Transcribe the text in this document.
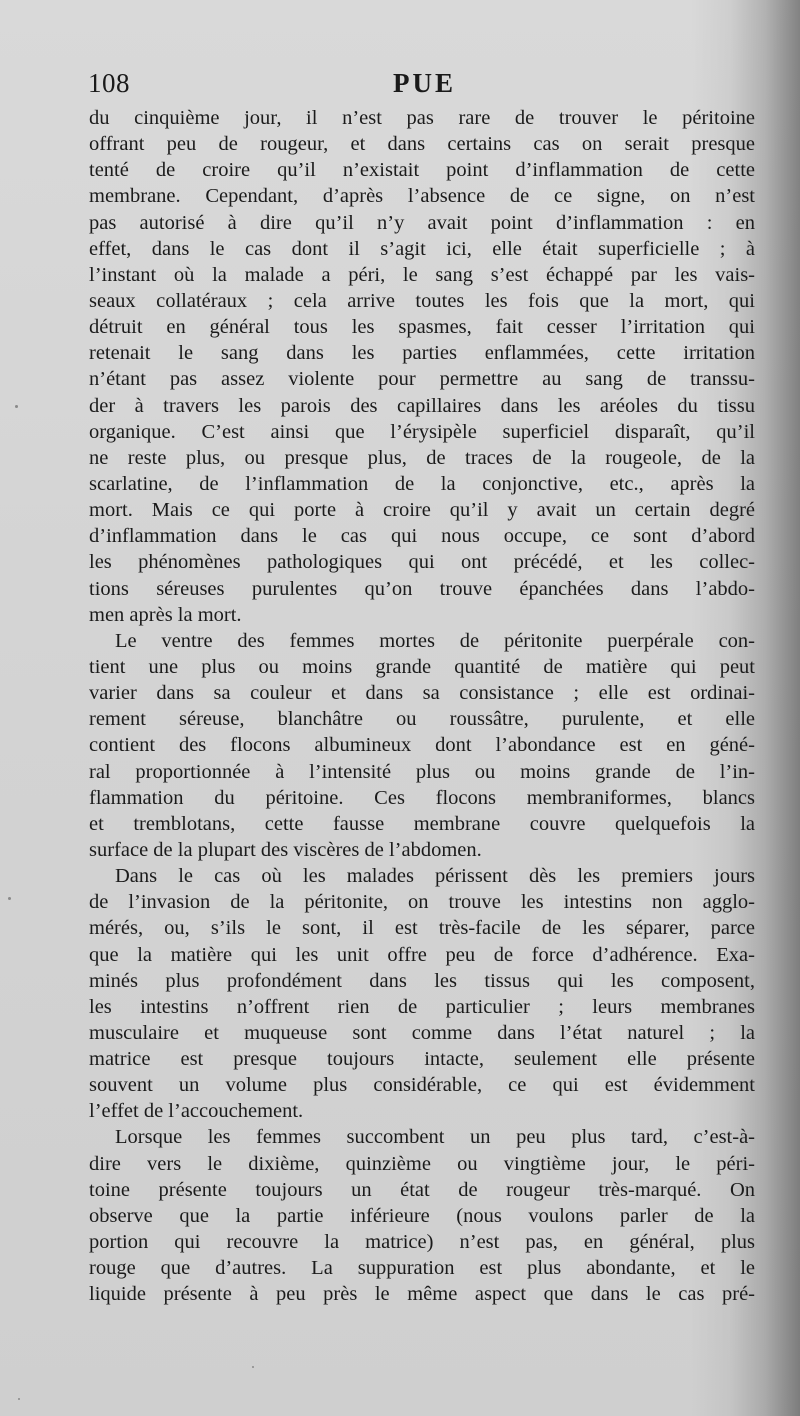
108	PUE
du cinquième jour, il n’est pas rare de trouver le péritoine
offrant peu de rougeur, et dans certains cas on serait presque
tenté de croire qu’il n’existait point d’inflammation de cette
membrane. Cependant, d’après l’absence de ce signe, on n’est
pas autorisé à dire qu’il n’y avait point d’inflammation : en
effet, dans le cas dont il s’agit ici, elle était superficielle ; à
l’instant où la malade a péri, le sang s’est échappé par les vais-
seaux collatéraux ; cela arrive toutes les fois que la mort, qui
détruit en général tous les spasmes, fait cesser l’irritation qui
retenait le sang dans les parties enflammées, cette irritation
n’étant pas assez violente pour permettre au sang de transsu-
der à travers les parois des capillaires dans les aréoles du tissu
organique. C’est ainsi que l’érysipèle superficiel disparaît, qu’il
ne reste plus, ou presque plus, de traces de la rougeole, de la
scarlatine, de l’inflammation de la conjonctive, etc., après la
mort. Mais ce qui porte à croire qu’il y avait un certain degré
d’inflammation dans le cas qui nous occupe, ce sont d’abord
les phénomènes pathologiques qui ont précédé, et les collec-
tions séreuses purulentes qu’on trouve épanchées dans l’abdo-
men après la mort.
Le ventre des femmes mortes de péritonite puerpérale con-
tient une plus ou moins grande quantité de matière qui peut
varier dans sa couleur et dans sa consistance ; elle est ordinai-
rement séreuse, blanchâtre ou roussâtre, purulente, et elle
contient des flocons albumineux dont l’abondance est en géné-
ral proportionnée à l’intensité plus ou moins grande de l’in-
flammation du péritoine. Ces flocons membraniformes, blancs
et tremblotans, cette fausse membrane couvre quelquefois la
surface de la plupart des viscères de l’abdomen.
Dans le cas où les malades périssent dès les premiers jours
de l’invasion de la péritonite, on trouve les intestins non agglo-
mérés, ou, s’ils le sont, il est très-facile de les séparer, parce
que la matière qui les unit offre peu de force d’adhérence. Exa-
minés plus profondément dans les tissus qui les composent,
les intestins n’offrent rien de particulier ; leurs membranes
musculaire et muqueuse sont comme dans l’état naturel ; la
matrice est presque toujours intacte, seulement elle présente
souvent un volume plus considérable, ce qui est évidemment
l’effet de l’accouchement.
Lorsque les femmes succombent un peu plus tard, c’est-à-
dire vers le dixième, quinzième ou vingtième jour, le péri-
toine présente toujours un état de rougeur très-marqué. On
observe que la partie inférieure (nous voulons parler de la
portion qui recouvre la matrice) n’est pas, en général, plus
rouge que d’autres. La suppuration est plus abondante, et le
liquide présente à peu près le même aspect que dans le cas pré-
